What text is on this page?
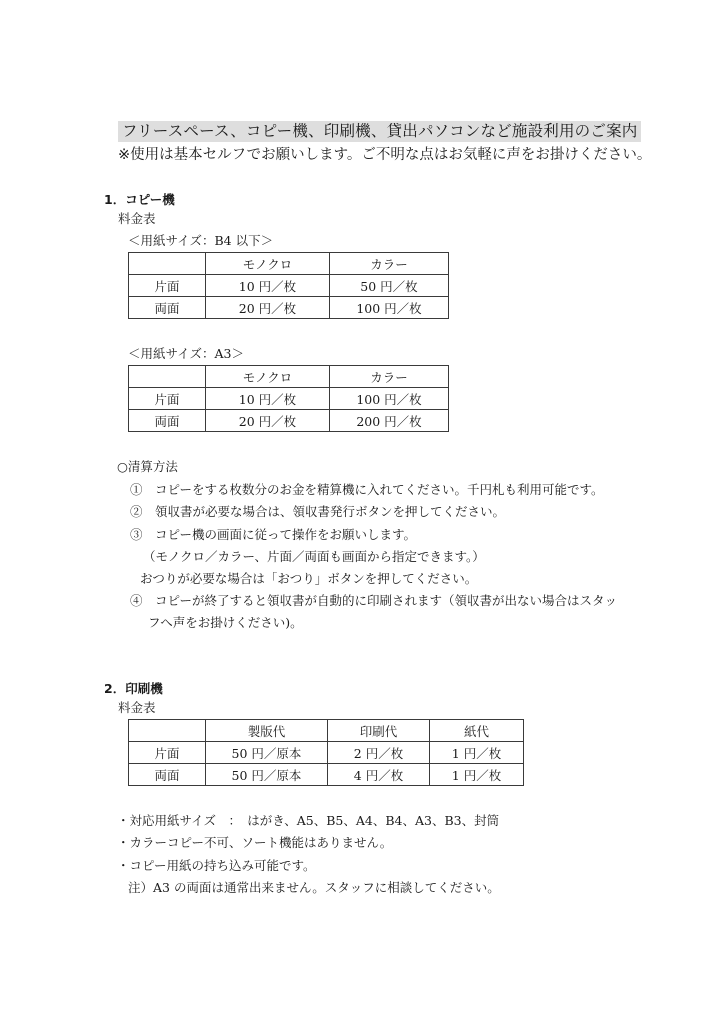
フリースペース、コピー機、印刷機、貸出パソコンなど施設利用のご案内
※使用は基本セルフでお願いします。ご不明な点はお気軽に声をお掛けください。
1．コピー機
料金表
＜用紙サイズ：B4 以下＞
	モノクロ	カラー
片面	10 円／枚	50 円／枚
両面	20 円／枚	100 円／枚
＜用紙サイズ：A3＞
	モノクロ	カラー
片面	10 円／枚	100 円／枚
両面	20 円／枚	200 円／枚
○清算方法
①　コピーをする枚数分のお金を精算機に入れてください。千円札も利用可能です。
②　領収書が必要な場合は、領収書発行ボタンを押してください。
③　コピー機の画面に従って操作をお願いします。
（モノクロ／カラー、片面／両面も画面から指定できます。）
おつりが必要な場合は「おつり」ボタンを押してください。
④　コピーが終了すると領収書が自動的に印刷されます（領収書が出ない場合はスタッ
フへ声をお掛けください)。
2．印刷機
料金表
	製版代	印刷代	紙代
片面	50 円／原本	2 円／枚	1 円／枚
両面	50 円／原本	4 円／枚	1 円／枚
・対応用紙サイズ　：　はがき、A5、B5、A4、B4、A3、B3、封筒
・カラーコピー不可、ソート機能はありません。
・コピー用紙の持ち込み可能です。
注）A3 の両面は通常出来ません。スタッフに相談してください。
